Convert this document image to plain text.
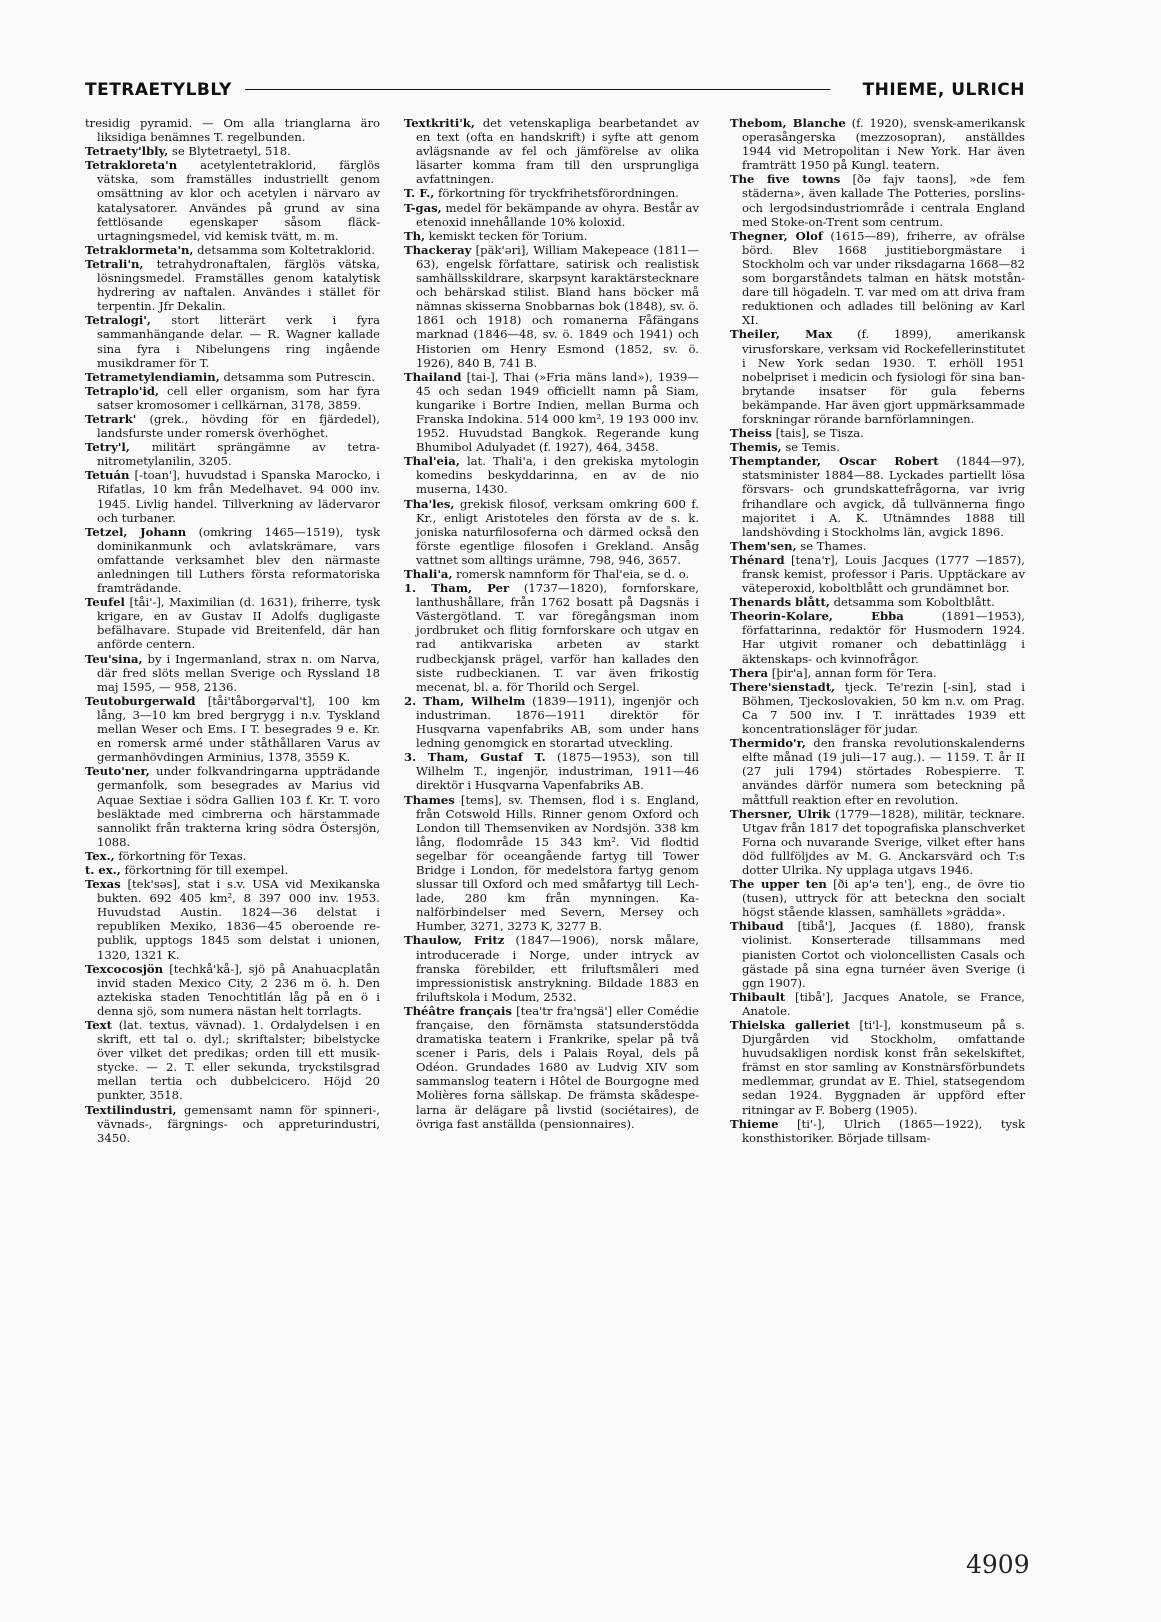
TETRAETYLBLY	THIEME, ULRICH

tresidig pyramid. — Om alla trianglarna äro liksidiga benämnes T. regelbunden.

Tetraety'lbly, se Blytetraetyl, 518.

Tetrakloreta'n acetylentetraklorid, färglös vätska, som framställes industriellt genom omsättning av klor och acetylen i närvaro av katalysatorer. Användes på grund av sina fettlösande egenskaper såsom fläckurtagningsmedel, vid kemisk tvätt, m. m.

Tetraklormeta'n, detsamma som Koltetraklorid.

Tetrali'n, tetrahydronaftalen, färglös vätska, lösningsmedel. Framställes genom katalytisk hydrering av naftalen. Användes i stället för terpentin. Jfr Dekalin.

Tetralogi', stort litterärt verk i fyra sammanhängande delar. — R. Wagner kallade sina fyra i Nibelungens ring ingående musikdramer för T.

Tetrametylendiamin, detsamma som Putrescin.

Tetraplo'id, cell eller organism, som har fyra satser kromosomer i cellkärnan, 3178, 3859.

Tetrark' (grek., hövding för en fjärdedel), landsfurste under romersk överhöghet.

Tetry'l, militärt sprängämne av tetranitrometylanilin, 3205.

Tetuán [-toan'], huvudstad i Spanska Marocko, i Rifatlas, 10 km från Medelhavet. 94 000 inv. 1945. Livlig handel. Tillverkning av lädervaror och turbaner.

Tetzel, Johann (omkring 1465—1519), tysk dominikanmunk och avlatskrämare, vars omfattande verksamhet blev den närmaste anledningen till Luthers första reformatoriska framträdande.

Teufel [tåi'-], Maximilian (d. 1631), friherre, tysk krigare, en av Gustav II Adolfs dugligaste befälhavare. Stupade vid Breitenfeld, där han anförde centern.

Teu'sina, by i Ingermanland, strax n. om Narva, där fred slöts mellan Sverige och Ryssland 18 maj 1595, — 958, 2136.

Teutoburgerwald [tåi'tåborgərval't], 100 km lång, 3—10 km bred bergrygg i n.v. Tyskland mellan Weser och Ems. I T. besegrades 9 e. Kr. en romersk armé under ståthållaren Varus av germanhövdingen Arminius, 1378, 3559 K.

Teuto'ner, under folkvandringarna uppträdande germanfolk, som besegrades av Marius vid Aquae Sextiae i södra Gallien 103 f. Kr. T. voro besläktade med cimbrerna och härstammade sannolikt från trakterna kring södra Östersjön, 1088.

Tex., förkortning för Texas.

t. ex., förkortning för till exempel.

Texas [tek'səs], stat i s.v. USA vid Mexikanska bukten. 692 405 km², 8 397 000 inv. 1953. Huvudstad Austin. 1824—36 delstat i republiken Mexiko, 1836—45 oberoende republik, upptogs 1845 som delstat i unionen, 1320, 1321 K.

Texcocosjön [techkå'kå-], sjö på Anahuacplatån invid staden Mexico City, 2 236 m ö. h. Den aztekiska staden Tenochtitlán låg på en ö i denna sjö, som numera nästan helt torrlagts.

Text (lat. textus, vävnad). 1. Ordalydelsen i en skrift, ett tal o. dyl.; skriftalster; bibelstycke över vilket det predikas; orden till ett musikstycke. — 2. T. eller sekunda, tryckstilsgrad mellan tertia och dubbelcicero. Höjd 20 punkter, 3518.

Textilindustri, gemensamt namn för spinneri-, vävnads-, färgnings- och appreturindustri, 3450.

Textkriti'k, det vetenskapliga bearbetandet av en text (ofta en handskrift) i syfte att genom avlägsnande av fel och jämförelse av olika läsarter komma fram till den ursprungliga avfattningen.

T. F., förkortning för tryckfrihetsförordningen.

T-gas, medel för bekämpande av ohyra. Består av etenoxid innehållande 10% koloxid.

Th, kemiskt tecken för Torium.

Thackeray [päk'əri], William Makepeace (1811—63), engelsk författare, satirisk och realistisk samhällsskildrare, skarpsynt karaktärstecknare och behärskad stilist. Bland hans böcker må nämnas skisserna Snobbarnas bok (1848), sv. ö. 1861 och 1918) och romanerna Fåfängans marknad (1846—48, sv. ö. 1849 och 1941) och Historien om Henry Esmond (1852, sv. ö. 1926), 840 B, 741 B.

Thailand [tai-], Thai (»Fria mäns land»), 1939—45 och sedan 1949 officiellt namn på Siam, kungarike i Bortre Indien, mellan Burma och Franska Indokina. 514 000 km², 19 193 000 inv. 1952. Huvudstad Bangkok. Regerande kung Bhumibol Adulyadet (f. 1927), 464, 3458.

Thal'eia, lat. Thali'a, i den grekiska mytologin komedins beskyddarinna, en av de nio muserna, 1430.

Tha'les, grekisk filosof, verksam omkring 600 f. Kr., enligt Aristoteles den första av de s. k. joniska naturfilosoferna och därmed också den förste egentlige filosofen i Grekland. Ansåg vattnet som alltings urämne, 798, 946, 3657.

Thali'a, romersk namnform för Thal'eia, se d. o.

1. Tham, Per (1737—1820), fornforskare, lanthushållare, från 1762 bosatt på Dagsnäs i Västergötland. T. var föregångsman inom jordbruket och flitig fornforskare och utgav en rad antikvariska arbeten av starkt rudbeckjansk prägel, varför han kallades den siste rudbeckianen. T. var även frikostig mecenat, bl. a. för Thorild och Sergel.

2. Tham, Wilhelm (1839—1911), ingenjör och industriman. 1876—1911 direktör för Husqvarna vapenfabriks AB, som under hans ledning genomgick en storartad utveckling.

3. Tham, Gustaf T. (1875—1953), son till Wilhelm T., ingenjör, industriman, 1911—46 direktör i Husqvarna Vapenfabriks AB.

Thames [tems], sv. Themsen, flod i s. England, från Cotswold Hills. Rinner genom Oxford och London till Themsenviken av Nordsjön. 338 km lång, flodområde 15 343 km². Vid flodtid segelbar för oceangående fartyg till Tower Bridge i London, för medelstora fartyg genom slussar till Oxford och med småfartyg till Lechlade, 280 km från mynningen. Kanalförbindelser med Severn, Mersey och Humber, 3271, 3273 K, 3277 B.

Thaulow, Fritz (1847—1906), norsk målare, introducerade i Norge, under intryck av franska förebilder, ett friluftsmåleri med impressionistisk anstrykning. Bildade 1883 en friluftskola i Modum, 2532.

Théâtre français [tea'tr fra'ngsä'] eller Comédie française, den förnämsta statsunderstödda dramatiska teatern i Frankrike, spelar på två scener i Paris, dels i Palais Royal, dels på Odéon. Grundades 1680 av Ludvig XIV som sammanslog teatern i Hôtel de Bourgogne med Molières forna sällskap. De främsta skådespelarna är delägare på livstid (sociétaires), de övriga fast anställda (pensionnaires).

Thebom, Blanche (f. 1920), svensk-amerikansk operasångerska (mezzosopran), anställdes 1944 vid Metropolitan i New York. Har även framträtt 1950 på Kungl. teatern.

The five towns [ðə fajv taons], »de fem städerna», även kallade The Potteries, porslins- och lergodsindustriområde i centrala England med Stoke-on-Trent som centrum.

Thegner, Olof (1615—89), friherre, av ofrälse börd. Blev 1668 justitieborgmästare i Stockholm och var under riksdagarna 1668—82 som borgarståndets talman en hätsk motståndare till högadeln. T. var med om att driva fram reduktionen och adlades till belöning av Karl XI.

Theiler, Max (f. 1899), amerikansk virusforskare, verksam vid Rockefellerinstitutet i New York sedan 1930. T. erhöll 1951 nobelpriset i medicin och fysiologi för sina banbrytande insatser för gula feberns bekämpande. Har även gjort uppmärksammade forskningar rörande barnförlamningen.

Theiss [tais], se Tisza.

Themis, se Temis.

Themptander, Oscar Robert (1844—97), statsminister 1884—88. Lyckades partiellt lösa försvars- och grundskattefrågorna, var ivrig frihandlare och avgick, då tullvännerna fingo majoritet i A. K. Utnämndes 1888 till landshövding i Stockholms län, avgick 1896.

Them'sen, se Thames.

Thénard [tena'r], Louis Jacques (1777 —1857), fransk kemist, professor i Paris. Upptäckare av väteperoxid, koboltblått och grundämnet bor.

Thenards blått, detsamma som Koboltblått.

Theorin-Kolare, Ebba (1891—1953), författarinna, redaktör för Husmodern 1924. Har utgivit romaner och debattinlägg i äktenskaps- och kvinnofrågor.

Thera [þir'a], annan form för Tera.

There'sienstadt, tjeck. Te'rezin [-sin], stad i Böhmen, Tjeckoslovakien, 50 km n.v. om Prag. Ca 7 500 inv. I T. inrättades 1939 ett koncentrationsläger för judar.

Thermido'r, den franska revolutionskalenderns elfte månad (19 juli—17 aug.). — 1159. T. år II (27 juli 1794) störtades Robespierre. T. användes därför numera som beteckning på måttfull reaktion efter en revolution.

Thersner, Ulrik (1779—1828), militär, tecknare. Utgav från 1817 det topografiska planschverket Forna och nuvarande Sverige, vilket efter hans död fullföljdes av M. G. Anckarsvärd och T:s dotter Ulrika. Ny upplaga utgavs 1946.

The upper ten [ði ap'ə ten'], eng., de övre tio (tusen), uttryck för att beteckna den socialt högst stående klassen, samhällets »grädda».

Thibaud [tibå'], Jacques (f. 1880), fransk violinist. Konserterade tillsammans med pianisten Cortot och violoncellisten Casals och gästade på sina egna turnéer även Sverige (i ggn 1907).

Thibault [tibå'], Jacques Anatole, se France, Anatole.

Thielska galleriet [ti'l-], konstmuseum på s. Djurgården vid Stockholm, omfattande huvudsakligen nordisk konst från sekelskiftet, främst en stor samling av Konstnärsförbundets medlemmar, grundat av E. Thiel, statsegendom sedan 1924. Byggnaden är uppförd efter ritningar av F. Boberg (1905).

Thieme [ti'-], Ulrich (1865—1922), tysk konsthistoriker. Började tillsam-

4909
